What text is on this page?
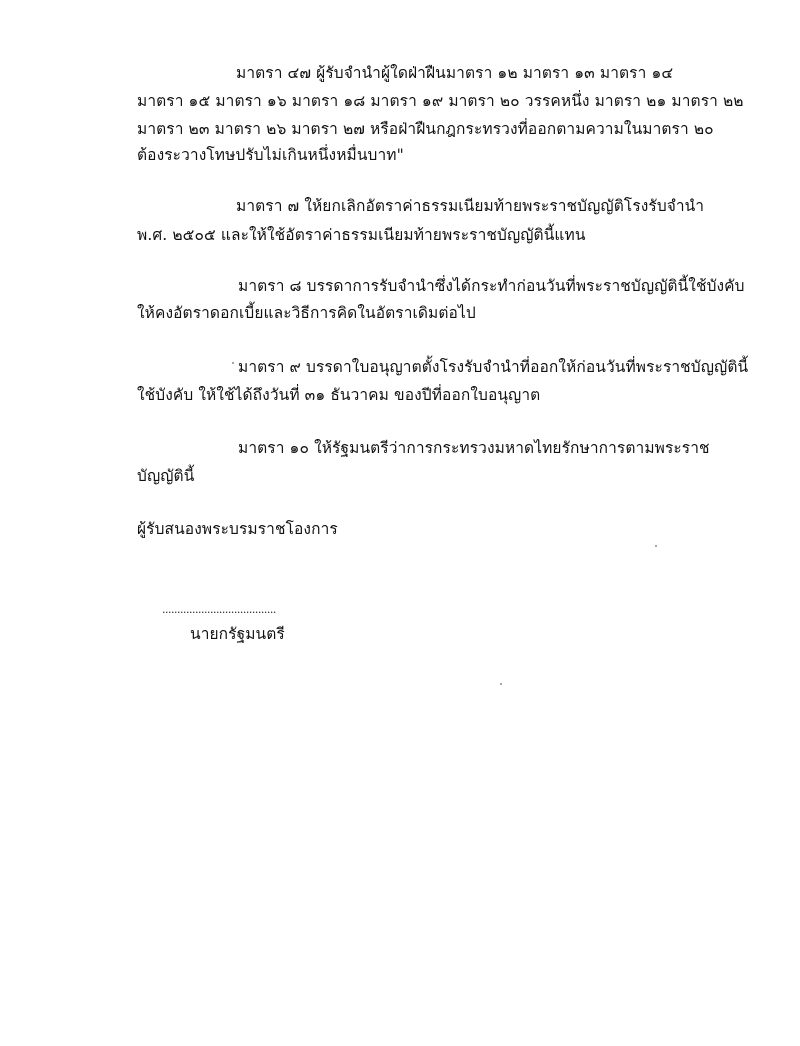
มาตรา ๔๗ ผู้รับจำนำผู้ใดฝ่าฝืนมาตรา ๑๒ มาตรา ๑๓ มาตรา ๑๔
มาตรา ๑๕ มาตรา ๑๖ มาตรา ๑๘ มาตรา ๑๙ มาตรา ๒๐ วรรคหนึ่ง มาตรา ๒๑ มาตรา ๒๒
มาตรา ๒๓ มาตรา ๒๖ มาตรา ๒๗ หรือฝ่าฝืนกฎกระทรวงที่ออกตามความในมาตรา ๒๐
ต้องระวางโทษปรับไม่เกินหนึ่งหมื่นบาท"
มาตรา ๗ ให้ยกเลิกอัตราค่าธรรมเนียมท้ายพระราชบัญญัติโรงรับจำนำ
พ.ศ. ๒๕๐๕ และให้ใช้อัตราค่าธรรมเนียมท้ายพระราชบัญญัตินี้แทน
มาตรา ๘ บรรดาการรับจำนำซึ่งได้กระทำก่อนวันที่พระราชบัญญัตินี้ใช้บังคับ
ให้คงอัตราดอกเบี้ยและวิธีการคิดในอัตราเดิมต่อไป
มาตรา ๙ บรรดาใบอนุญาตตั้งโรงรับจำนำที่ออกให้ก่อนวันที่พระราชบัญญัตินี้
ใช้บังคับ ให้ใช้ได้ถึงวันที่ ๓๑ ธันวาคม ของปีที่ออกใบอนุญาต
มาตรา ๑๐ ให้รัฐมนตรีว่าการกระทรวงมหาดไทยรักษาการตามพระราช
บัญญัตินี้
ผู้รับสนองพระบรมราชโองการ
......................................
นายกรัฐมนตรี
